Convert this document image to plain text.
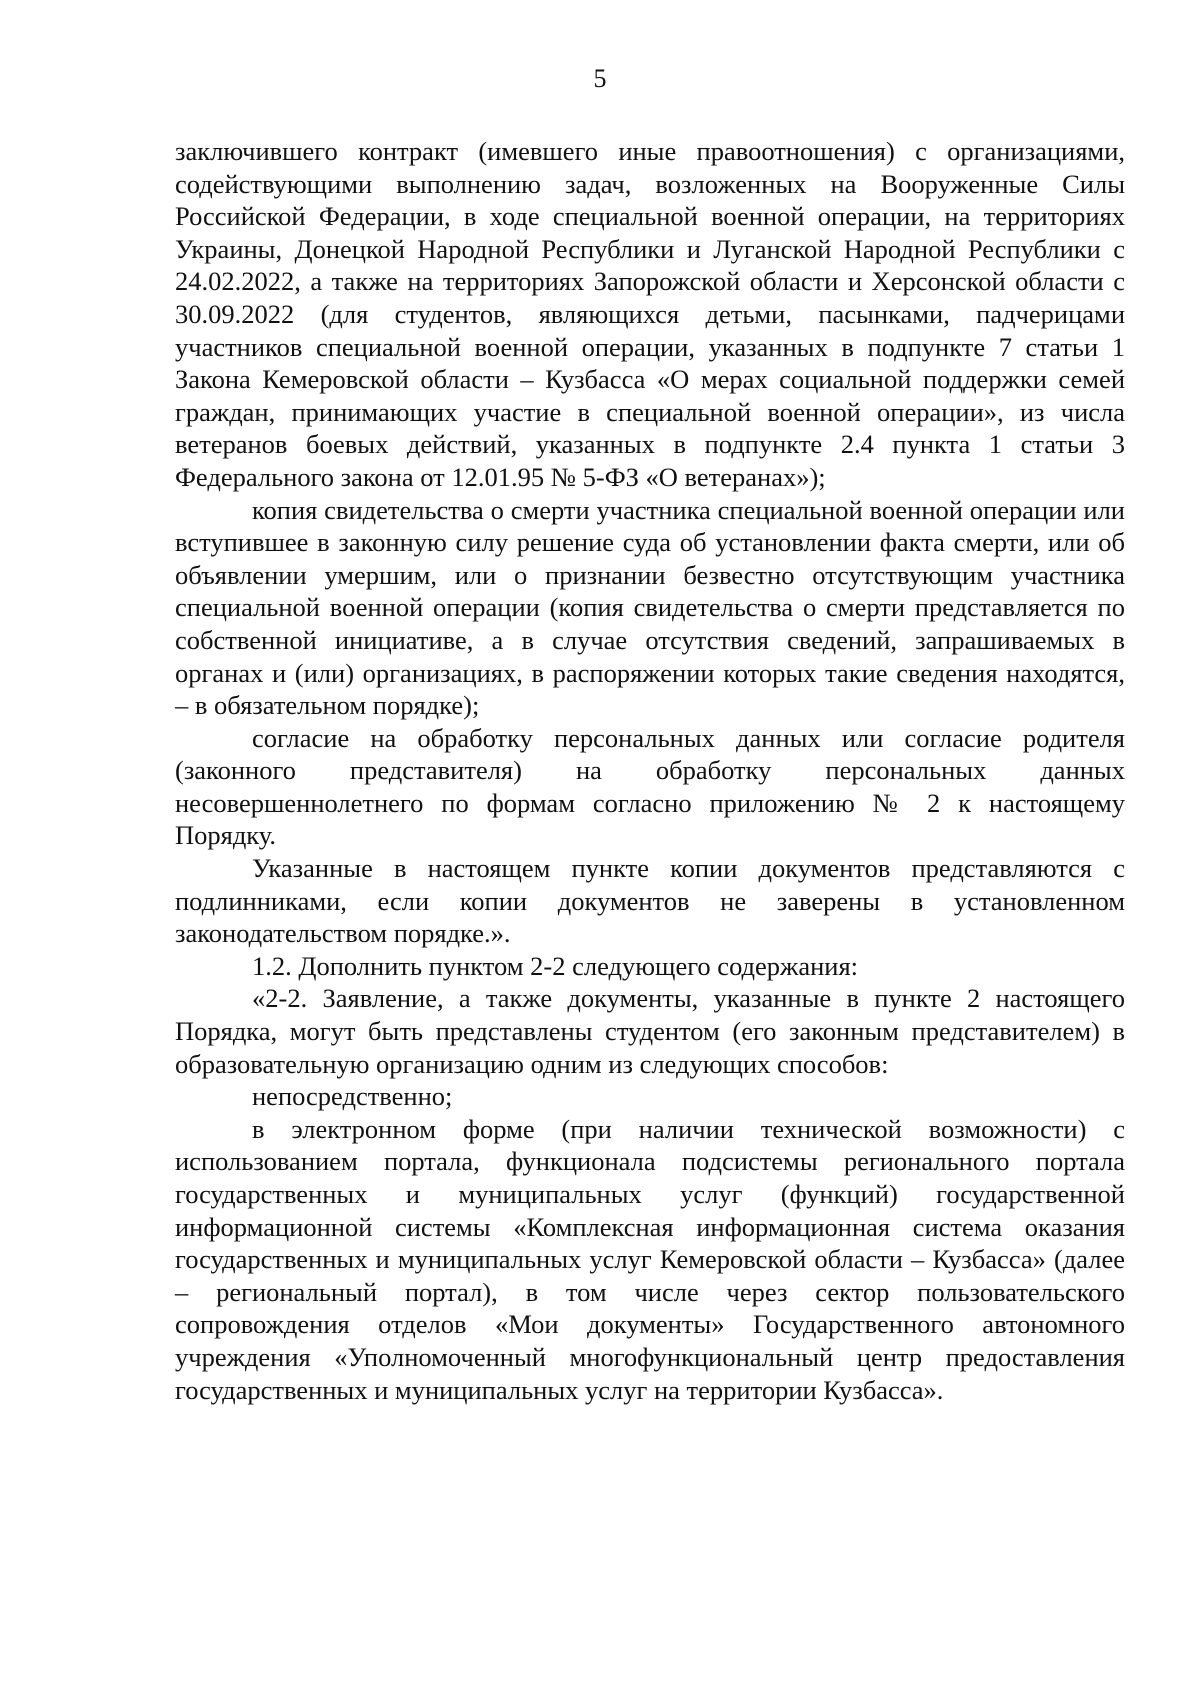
5

заключившего контракт (имевшего иные правоотношения) с организациями, содействующими выполнению задач, возложенных на Вооруженные Силы Российской Федерации, в ходе специальной военной операции, на территориях Украины, Донецкой Народной Республики и Луганской Народной Республики с 24.02.2022, а также на территориях Запорожской области и Херсонской области с 30.09.2022 (для студентов, являющихся детьми, пасынками, падчерицами участников специальной военной операции, указанных в подпункте 7 статьи 1 Закона Кемеровской области – Кузбасса «О мерах социальной поддержки семей граждан, принимающих участие в специальной военной операции», из числа ветеранов боевых действий, указанных в подпункте 2.4 пункта 1 статьи 3 Федерального закона от 12.01.95 № 5-ФЗ «О ветеранах»);

копия свидетельства о смерти участника специальной военной операции или вступившее в законную силу решение суда об установлении факта смерти, или об объявлении умершим, или о признании безвестно отсутствующим участника специальной военной операции (копия свидетельства о смерти представляется по собственной инициативе, а в случае отсутствия сведений, запрашиваемых в органах и (или) организациях, в распоряжении которых такие сведения находятся, – в обязательном порядке);

согласие на обработку персональных данных или согласие родителя (законного представителя) на обработку персональных данных несовершеннолетнего по формам согласно приложению № 2 к настоящему Порядку.

Указанные в настоящем пункте копии документов представляются с подлинниками, если копии документов не заверены в установленном законодательством порядке.».

1.2. Дополнить пунктом 2-2 следующего содержания:

«2-2. Заявление, а также документы, указанные в пункте 2 настоящего Порядка, могут быть представлены студентом (его законным представителем) в образовательную организацию одним из следующих способов:

непосредственно;

в электронном форме (при наличии технической возможности) с использованием портала, функционала подсистемы регионального портала государственных и муниципальных услуг (функций) государственной информационной системы «Комплексная информационная система оказания государственных и муниципальных услуг Кемеровской области – Кузбасса» (далее – региональный портал), в том числе через сектор пользовательского сопровождения отделов «Мои документы» Государственного автономного учреждения «Уполномоченный многофункциональный центр предоставления государственных и муниципальных услуг на территории Кузбасса».
